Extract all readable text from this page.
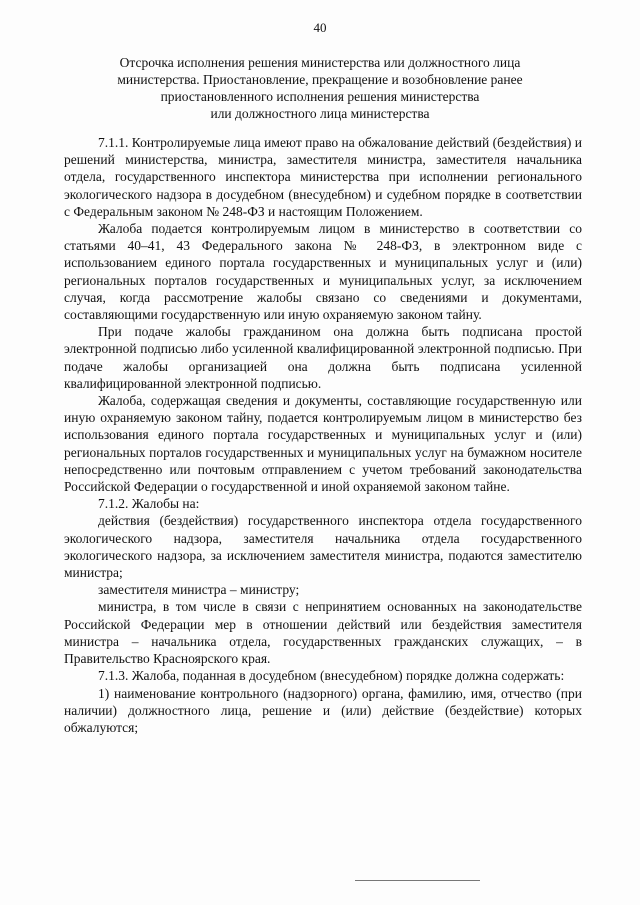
40
Отсрочка исполнения решения министерства или должностного лица
министерства. Приостановление, прекращение и возобновление ранее
приостановленного исполнения решения министерства
или должностного лица министерства

7.1.1. Контролируемые лица имеют право на обжалование действий (бездействия) и решений министерства, министра, заместителя министра, заместителя начальника отдела, государственного инспектора министерства при исполнении регионального экологического надзора в досудебном (внесудебном) и судебном порядке в соответствии с Федеральным законом № 248-ФЗ и настоящим Положением.

Жалоба подается контролируемым лицом в министерство в соответствии со статьями 40–41, 43 Федерального закона № 248-ФЗ, в электронном виде с использованием единого портала государственных и муниципальных услуг и (или) региональных порталов государственных и муниципальных услуг, за исключением случая, когда рассмотрение жалобы связано со сведениями и документами, составляющими государственную или иную охраняемую законом тайну.

При подаче жалобы гражданином она должна быть подписана простой электронной подписью либо усиленной квалифицированной электронной подписью. При подаче жалобы организацией она должна быть подписана усиленной квалифицированной электронной подписью.

Жалоба, содержащая сведения и документы, составляющие государственную или иную охраняемую законом тайну, подается контролируемым лицом в министерство без использования единого портала государственных и муниципальных услуг и (или) региональных порталов государственных и муниципальных услуг на бумажном носителе непосредственно или почтовым отправлением с учетом требований законодательства Российской Федерации о государственной и иной охраняемой законом тайне.

7.1.2. Жалобы на:

действия (бездействия) государственного инспектора отдела государственного экологического надзора, заместителя начальника отдела государственного экологического надзора, за исключением заместителя министра, подаются заместителю министра;

заместителя министра – министру;

министра, в том числе в связи с непринятием основанных на законодательстве Российской Федерации мер в отношении действий или бездействия заместителя министра – начальника отдела, государственных гражданских служащих, – в Правительство Красноярского края.

7.1.3. Жалоба, поданная в досудебном (внесудебном) порядке должна содержать:

1) наименование контрольного (надзорного) органа, фамилию, имя, отчество (при наличии) должностного лица, решение и (или) действие (бездействие) которых обжалуются;
